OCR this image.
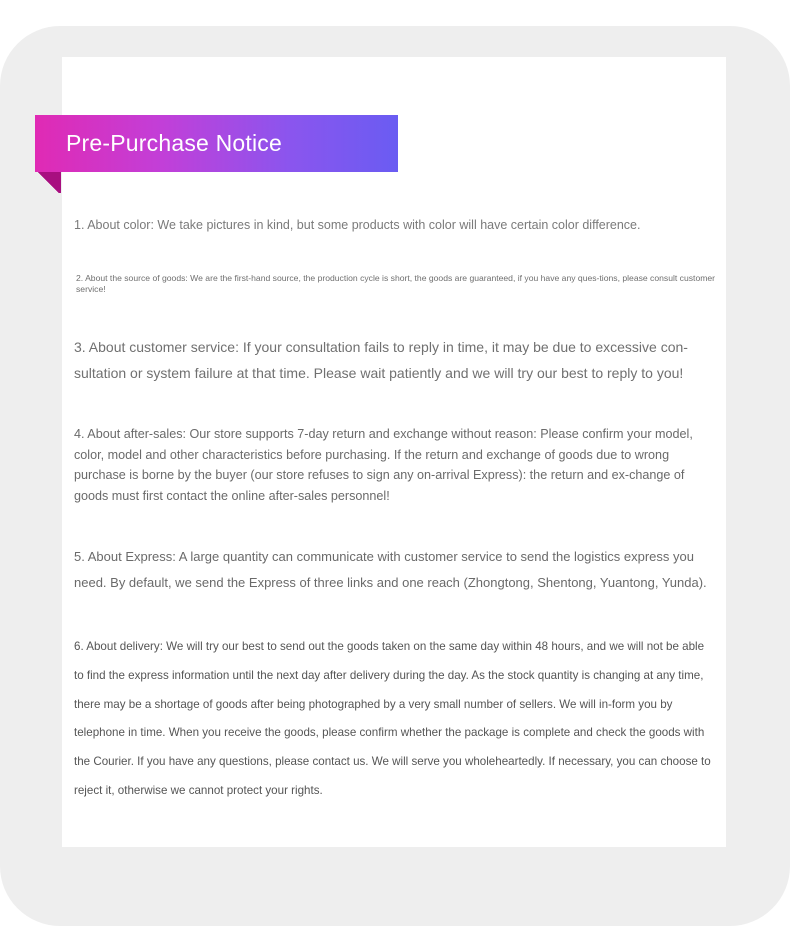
Pre-Purchase Notice

1. About color: We take pictures in kind, but some products with color will have certain color difference.

2. About the source of goods: We are the first-hand source, the production cycle is short, the goods are guaranteed, if you have any ques-tions, please consult customer service!

3. About customer service: If your consultation fails to reply in time, it may be due to excessive con-sultation or system failure at that time. Please wait patiently and we will try our best to reply to you!

4. About after-sales: Our store supports 7-day return and exchange without reason: Please confirm your model, color, model and other characteristics before purchasing. If the return and exchange of goods due to wrong purchase is borne by the buyer (our store refuses to sign any on-arrival Express): the return and ex-change of goods must first contact the online after-sales personnel!

5. About Express: A large quantity can communicate with customer service to send the logistics express you need. By default, we send the Express of three links and one reach (Zhongtong, Shentong, Yuantong, Yunda).

6. About delivery: We will try our best to send out the goods taken on the same day within 48 hours, and we will not be able to find the express information until the next day after delivery during the day. As the stock quantity is changing at any time, there may be a shortage of goods after being photographed by a very small number of sellers. We will in-form you by telephone in time. When you receive the goods, please confirm whether the package is complete and check the goods with the Courier. If you have any questions, please contact us. We will serve you wholeheartedly. If necessary, you can choose to reject it, otherwise we cannot protect your rights.
